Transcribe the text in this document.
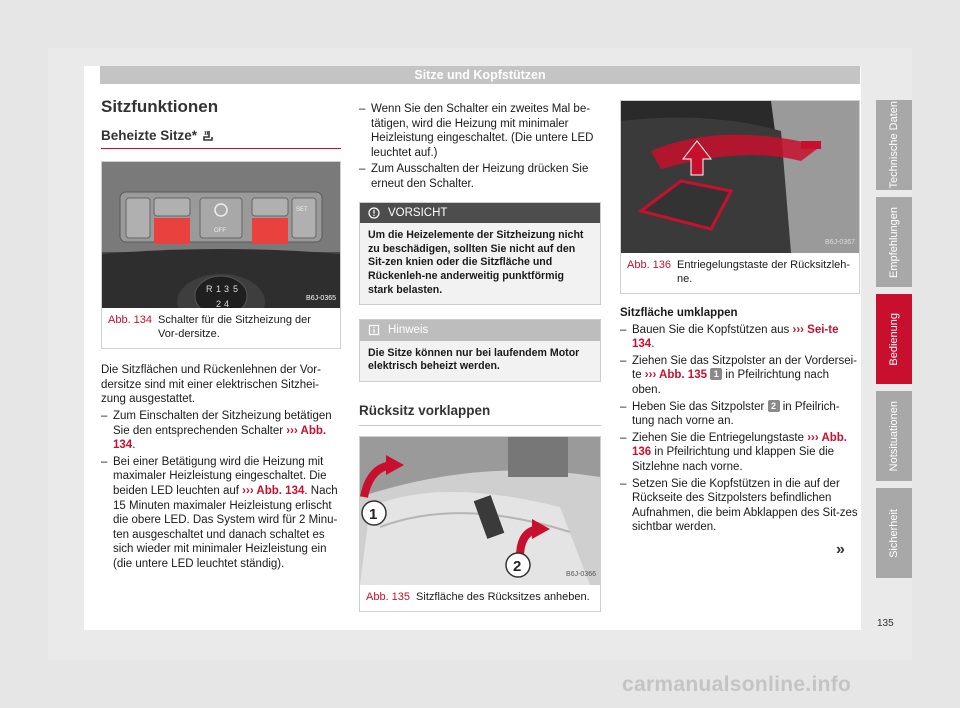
Sitze und Kopfstützen
Sitzfunktionen
Beheizte Sitze*
OFF
SET
R 1 3 5
2 4
B6J-0365
Abb. 134 Schalter für die Sitzheizung der Vor-dersitze.

Die Sitzflächen und Rückenlehnen der Vor-dersitze sind mit einer elektrischen Sitzhei-zung ausgestattet.

– Zum Einschalten der Sitzheizung betätigen Sie den entsprechenden Schalter ››› Abb. 134.
– Bei einer Betätigung wird die Heizung mit maximaler Heizleistung eingeschaltet. Die beiden LED leuchten auf ››› Abb. 134. Nach 15 Minuten maximaler Heizleistung erlischt die obere LED. Das System wird für 2 Minu-ten ausgeschaltet und danach schaltet es sich wieder mit minimaler Heizleistung ein (die untere LED leuchtet ständig).
– Wenn Sie den Schalter ein zweites Mal be-tätigen, wird die Heizung mit minimaler Heizleistung eingeschaltet. (Die untere LED leuchtet auf.)
– Zum Ausschalten der Heizung drücken Sie erneut den Schalter.
VORSICHT
Um die Heizelemente der Sitzheizung nicht zu beschädigen, sollten Sie nicht auf den Sit-zen knien oder die Sitzfläche und Rückenleh-ne anderweitig punktförmig stark belasten.
Hinweis
Die Sitze können nur bei laufendem Motor elektrisch beheizt werden.
Rücksitz vorklappen
1
2	B6J-0366
Abb. 135 Sitzfläche des Rücksitzes anheben.
B6J-0367
Abb. 136 Entriegelungstaste der Rücksitzleh-ne.
Sitzfläche umklappen
– Bauen Sie die Kopfstützen aus ››› Sei-te 134.
– Ziehen Sie das Sitzpolster an der Vordersei-te ››› Abb. 135 1 in Pfeilrichtung nach oben.
– Heben Sie das Sitzpolster 2 in Pfeilrich-tung nach vorne an.
– Ziehen Sie die Entriegelungstaste ››› Abb. 136 in Pfeilrichtung und klappen Sie die Sitzlehne nach vorne.
– Setzen Sie die Kopfstützen in die auf der Rückseite des Sitzpolsters befindlichen Aufnahmen, die beim Abklappen des Sit-zes sichtbar werden.
»
Technische Daten
Empfehlungen
Bedienung
Notsituationen
Sicherheit
135
carmanualsonline.info
